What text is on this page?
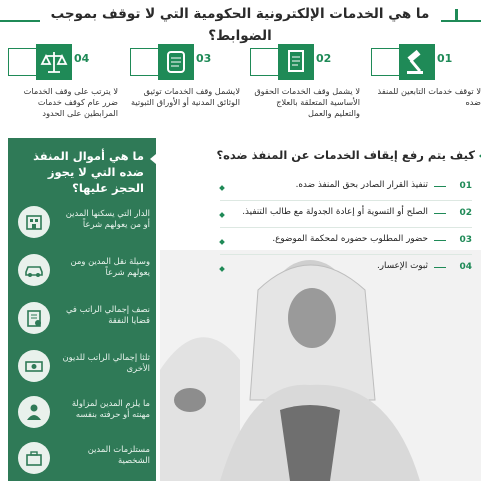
ما هي الخدمات الإلكترونية الحكومية التي لا توقف بموجب الضوابط؟
01
لا توقف خدمات التابعين للمنفذ ضده
02
لا يشمل وقف الخدمات الحقوق الأساسية المتعلقة بالعلاج والتعليم والعمل
03
لايشمل وقف الخدمات توثيق الوثائق المدنية أو الأوراق الثبوتية
04
لا يترتب على وقف الخدمات ضرر عام كوقف خدمات المرابطين على الحدود
ما هي أموال المنفذ ضده التي لا يجوز الحجز عليها؟
الدار التي يسكنها المدين أو من يعولهم شرعاً
وسيلة نقل المدين ومن يعولهم شرعاً
نصف إجمالي الراتب في قضايا النفقة
ثلثا إجمالي الراتب للديون الأخرى
ما يلزم المدين لمزاولة مهنته أو حرفته بنفسه
مستلزمات المدين الشخصية
كيف يتم رفع إيقاف الخدمات عن المنفذ ضده؟
01
تنفيذ القرار الصادر بحق المنفذ ضده.
02
الصلح أو التسوية أو إعادة الجدولة مع طالب التنفيذ.
03
حضور المطلوب حضوره لمحكمة الموضوع.
04
ثبوت الإعسار.
